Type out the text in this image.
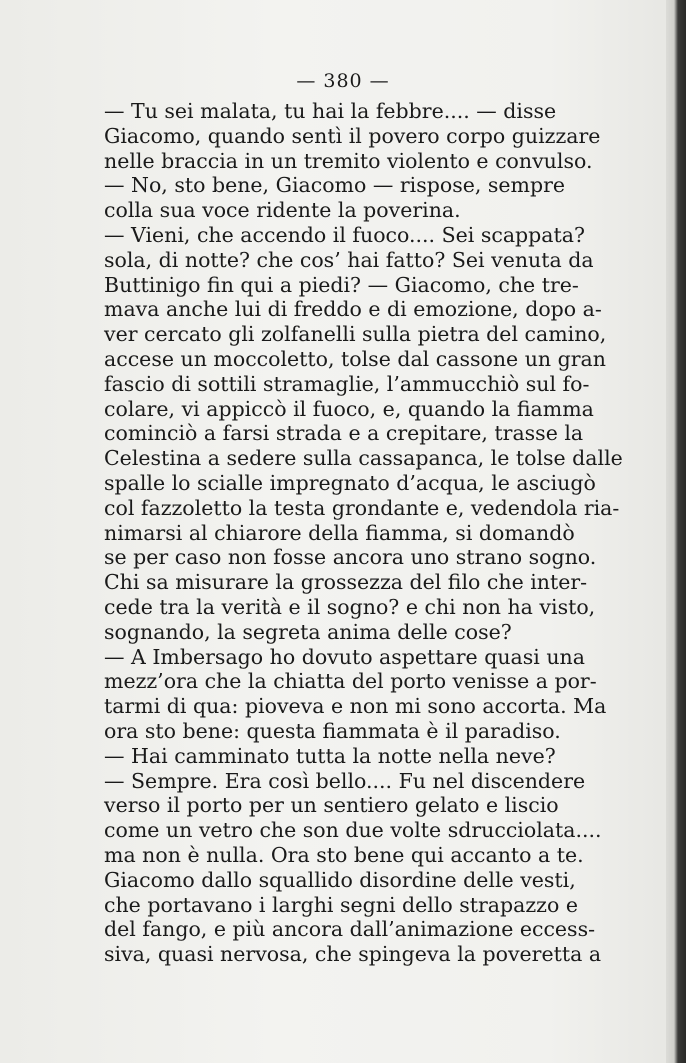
— 380 —
— Tu sei malata, tu hai la febbre.... — disse
Giacomo, quando sentì il povero corpo guizzare
nelle braccia in un tremito violento e convulso.
— No, sto bene, Giacomo — rispose, sempre
colla sua voce ridente la poverina.
— Vieni, che accendo il fuoco.... Sei scappata?
sola, di notte? che cos’ hai fatto? Sei venuta da
Buttinigo fin qui a piedi? — Giacomo, che tre-
mava anche lui di freddo e di emozione, dopo a-
ver cercato gli zolfanelli sulla pietra del camino,
accese un moccoletto, tolse dal cassone un gran
fascio di sottili stramaglie, l’ammucchiò sul fo-
colare, vi appiccò il fuoco, e, quando la fiamma
cominciò a farsi strada e a crepitare, trasse la
Celestina a sedere sulla cassapanca, le tolse dalle
spalle lo scialle impregnato d’acqua, le asciugò
col fazzoletto la testa grondante e, vedendola ria-
nimarsi al chiarore della fiamma, si domandò
se per caso non fosse ancora uno strano sogno.
Chi sa misurare la grossezza del filo che inter-
cede tra la verità e il sogno? e chi non ha visto,
sognando, la segreta anima delle cose?
— A Imbersago ho dovuto aspettare quasi una
mezz’ora che la chiatta del porto venisse a por-
tarmi di qua: pioveva e non mi sono accorta. Ma
ora sto bene: questa fiammata è il paradiso.
— Hai camminato tutta la notte nella neve?
— Sempre. Era così bello.... Fu nel discendere
verso il porto per un sentiero gelato e liscio
come un vetro che son due volte sdrucciolata....
ma non è nulla. Ora sto bene qui accanto a te.
Giacomo dallo squallido disordine delle vesti,
che portavano i larghi segni dello strapazzo e
del fango, e più ancora dall’animazione eccess-
siva, quasi nervosa, che spingeva la poveretta a
